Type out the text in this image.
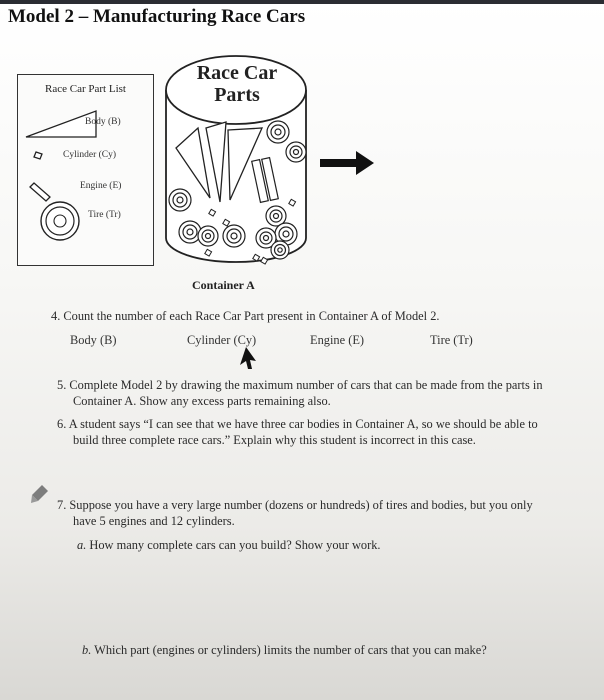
Model 2 – Manufacturing Race Cars
Race Car Part List
Body (B)
Cylinder (Cy)
Engine (E)
Tire (Tr)
Race Car
Parts
Container A
4. Count the number of each Race Car Part present in Container A of Model 2.
Body (B)	Cylinder (Cy)	Engine (E)	Tire (Tr)
5. Complete Model 2 by drawing the maximum number of cars that can be made from the parts in
Container A. Show any excess parts remaining also.
6. A student says “I can see that we have three car bodies in Container A, so we should be able to
build three complete race cars.” Explain why this student is incorrect in this case.
7. Suppose you have a very large number (dozens or hundreds) of tires and bodies, but you only
have 5 engines and 12 cylinders.
a. How many complete cars can you build? Show your work.
b. Which part (engines or cylinders) limits the number of cars that you can make?
